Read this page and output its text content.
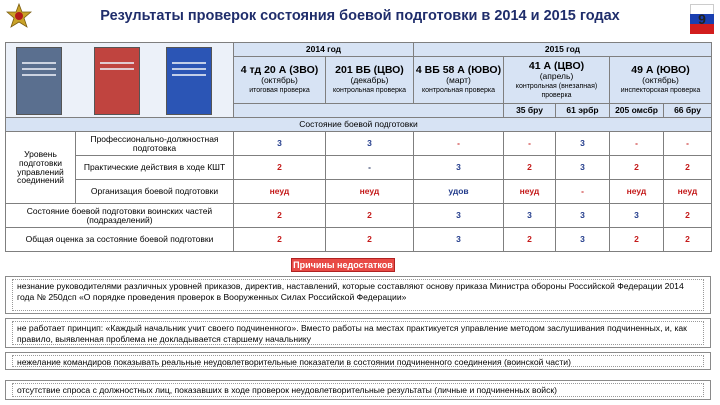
Результаты проверок состояния боевой подготовки в 2014 и 2015 годах	9
		2014 год		2015 год				
		4 тд 20 А (ЗВО)
(октябрь)
итоговая проверка	201 ВБ (ЦВО)
(декабрь)
контрольная проверка	4 ВБ 58 А (ЮВО)
(март)
контрольная проверка	41 А (ЦВО)
(апрель)
контрольная (внезапная) проверка		49 А (ЮВО)
(октябрь)
инспекторская проверка	
					35 бру	61 эрбр	205 омсбр	66 бру
Состояние боевой подготовки								
Уровень подготовки управлений соединений	Профессионально-должностная подготовка	3	3	-	-	3	-	-
	Практические действия в ходе КШТ	2	-	3	2	3	2	2
	Организация боевой подготовки	неуд	неуд	удов	неуд	-	неуд	неуд
Состояние боевой подготовки воинских частей (подразделений)		2	2	3	3	3	3	2
Общая оценка за состояние боевой подготовки		2	2	3	2	3	2	2
Причины недостатков
незнание руководителями различных уровней приказов, директив, наставлений, которые составляют основу приказа Министра обороны Российской Федерации 2014 года № 250дсп «О порядке проведения проверок в Вооруженных Силах Российской Федерации»
не работает принцип: «Каждый начальник учит своего подчиненного». Вместо работы на местах практикуется управление методом заслушивания подчиненных, и, как правило, выявленная проблема не докладывается старшему начальнику
нежелание командиров показывать реальные неудовлетворительные показатели в состоянии подчиненного соединения (воинской части)
отсутствие спроса с должностных лиц, показавших в ходе проверок неудовлетворительные результаты (личные и подчиненных войск)
